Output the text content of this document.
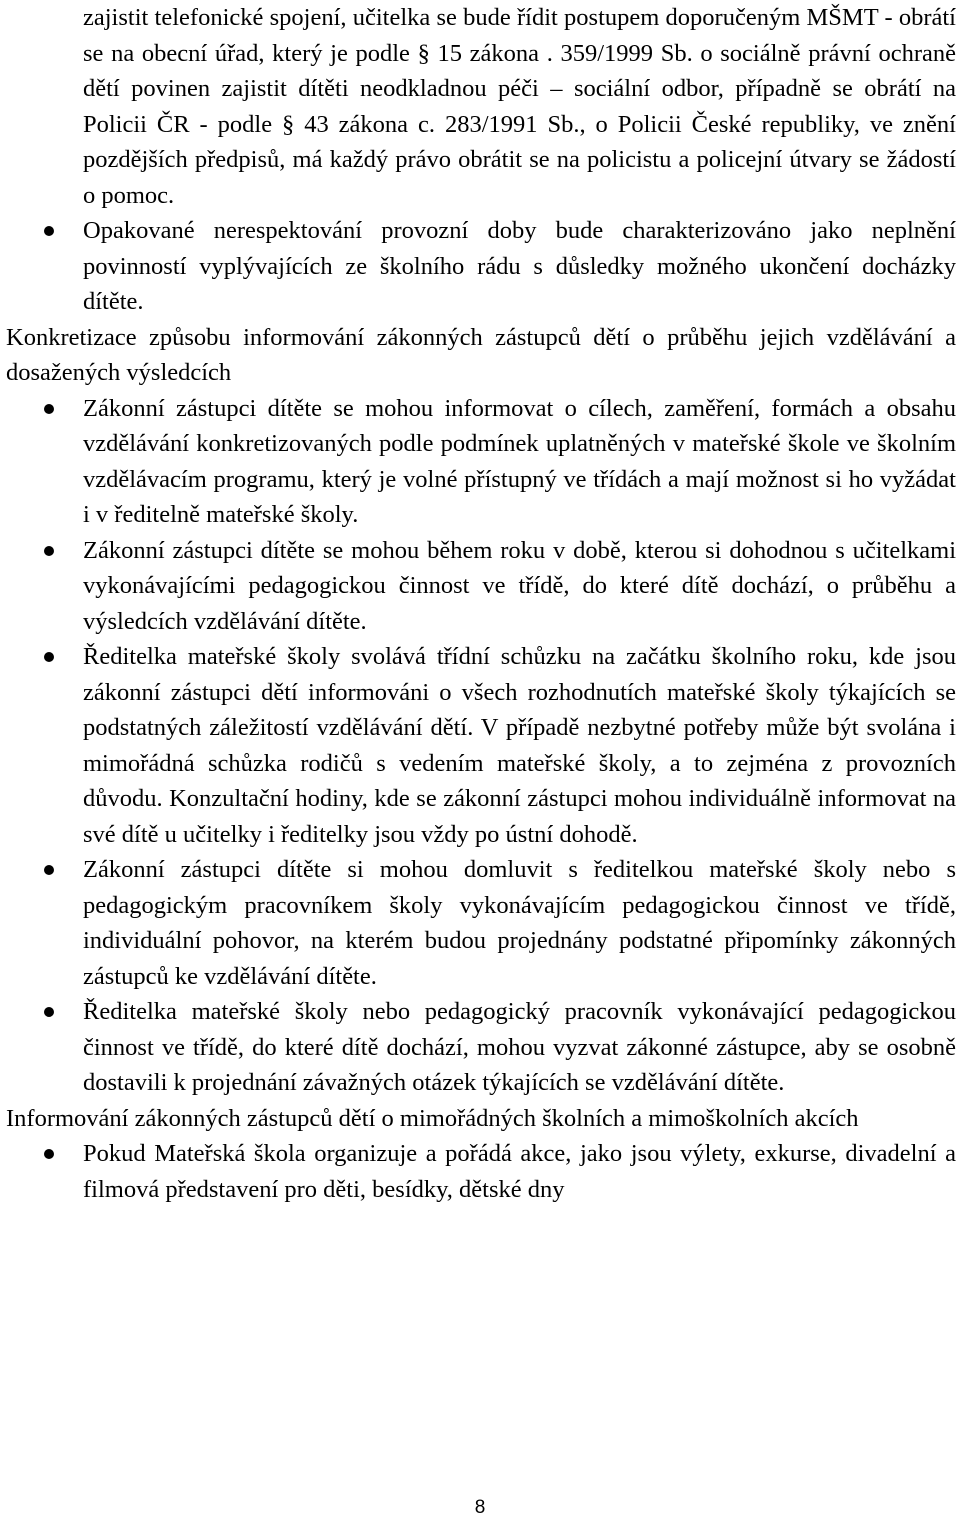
zajistit telefonické spojení, učitelka se bude řídit postupem doporučeným MŠMT - obrátí se na obecní úřad, který je podle § 15 zákona . 359/1999 Sb. o sociálně právní ochraně dětí povinen zajistit dítěti neodkladnou péči – sociální odbor, případně se obrátí na Policii ČR - podle § 43 zákona c. 283/1991 Sb., o Policii České republiky, ve znění pozdějších předpisů, má každý právo obrátit se na policistu a policejní útvary se žádostí o pomoc.
Opakované nerespektování provozní doby bude charakterizováno jako neplnění povinností vyplývajících ze školního rádu s důsledky možného ukončení docházky dítěte.
Konkretizace způsobu informování zákonných zástupců dětí o průběhu jejich vzdělávání a dosažených výsledcích
Zákonní zástupci dítěte se mohou informovat o cílech, zaměření, formách a obsahu vzdělávání konkretizovaných podle podmínek uplatněných v mateřské škole ve školním vzdělávacím programu, který je volné přístupný ve třídách a mají možnost si ho vyžádat i v ředitelně mateřské školy.
Zákonní zástupci dítěte se mohou během roku v době, kterou si dohodnou s učitelkami vykonávajícími pedagogickou činnost ve třídě, do které dítě dochází, o průběhu a výsledcích vzdělávání dítěte.
Ředitelka mateřské školy svolává třídní schůzku na začátku školního roku, kde jsou zákonní zástupci dětí informováni o všech rozhodnutích mateřské školy týkajících se podstatných záležitostí vzdělávání dětí. V případě nezbytné potřeby může být svolána i mimořádná schůzka rodičů s vedením mateřské školy, a to zejména z provozních důvodu. Konzultační hodiny, kde se zákonní zástupci mohou individuálně informovat na své dítě u učitelky i ředitelky jsou vždy po ústní dohodě.
Zákonní zástupci dítěte si mohou domluvit s ředitelkou mateřské školy nebo s pedagogickým pracovníkem školy vykonávajícím pedagogickou činnost ve třídě, individuální pohovor, na kterém budou projednány podstatné připomínky zákonných zástupců ke vzdělávání dítěte.
Ředitelka mateřské školy nebo pedagogický pracovník vykonávající pedagogickou činnost ve třídě, do které dítě dochází, mohou vyzvat zákonné zástupce, aby se osobně dostavili k projednání závažných otázek týkajících se vzdělávání dítěte.
Informování zákonných zástupců dětí o mimořádných školních a mimoškolních akcích
Pokud Mateřská škola organizuje a pořádá akce, jako jsou výlety, exkurse, divadelní a filmová představení pro děti, besídky, dětské dny
8
